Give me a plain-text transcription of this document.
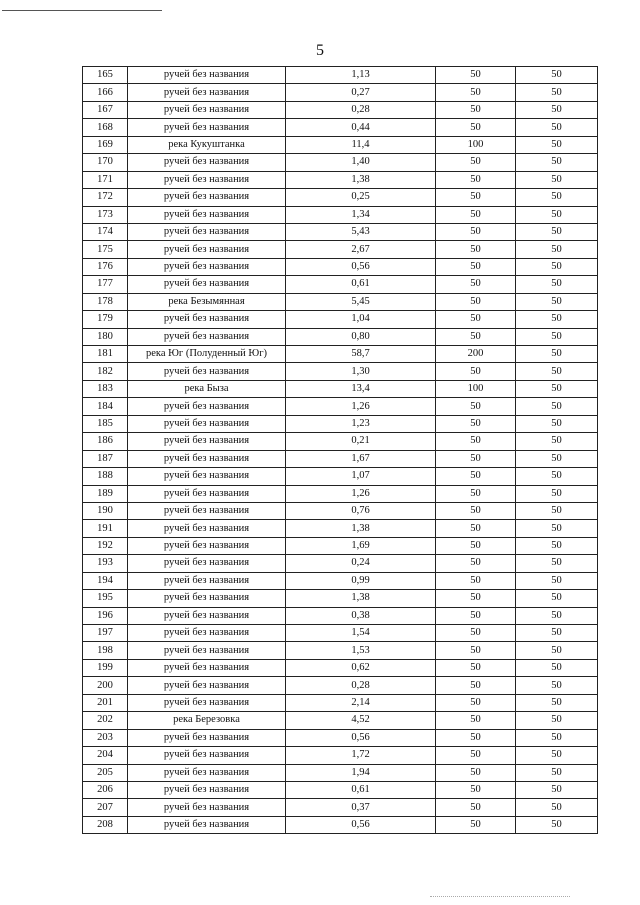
5
165	ручей без названия	1,13	50	50
166	ручей без названия	0,27	50	50
167	ручей без названия	0,28	50	50
168	ручей без названия	0,44	50	50
169	река Кукуштанка	11,4	100	50
170	ручей без названия	1,40	50	50
171	ручей без названия	1,38	50	50
172	ручей без названия	0,25	50	50
173	ручей без названия	1,34	50	50
174	ручей без названия	5,43	50	50
175	ручей без названия	2,67	50	50
176	ручей без названия	0,56	50	50
177	ручей без названия	0,61	50	50
178	река Безымянная	5,45	50	50
179	ручей без названия	1,04	50	50
180	ручей без названия	0,80	50	50
181	река Юг (Полуденный Юг)	58,7	200	50
182	ручей без названия	1,30	50	50
183	река Быза	13,4	100	50
184	ручей без названия	1,26	50	50
185	ручей без названия	1,23	50	50
186	ручей без названия	0,21	50	50
187	ручей без названия	1,67	50	50
188	ручей без названия	1,07	50	50
189	ручей без названия	1,26	50	50
190	ручей без названия	0,76	50	50
191	ручей без названия	1,38	50	50
192	ручей без названия	1,69	50	50
193	ручей без названия	0,24	50	50
194	ручей без названия	0,99	50	50
195	ручей без названия	1,38	50	50
196	ручей без названия	0,38	50	50
197	ручей без названия	1,54	50	50
198	ручей без названия	1,53	50	50
199	ручей без названия	0,62	50	50
200	ручей без названия	0,28	50	50
201	ручей без названия	2,14	50	50
202	река Березовка	4,52	50	50
203	ручей без названия	0,56	50	50
204	ручей без названия	1,72	50	50
205	ручей без названия	1,94	50	50
206	ручей без названия	0,61	50	50
207	ручей без названия	0,37	50	50
208	ручей без названия	0,56	50	50
